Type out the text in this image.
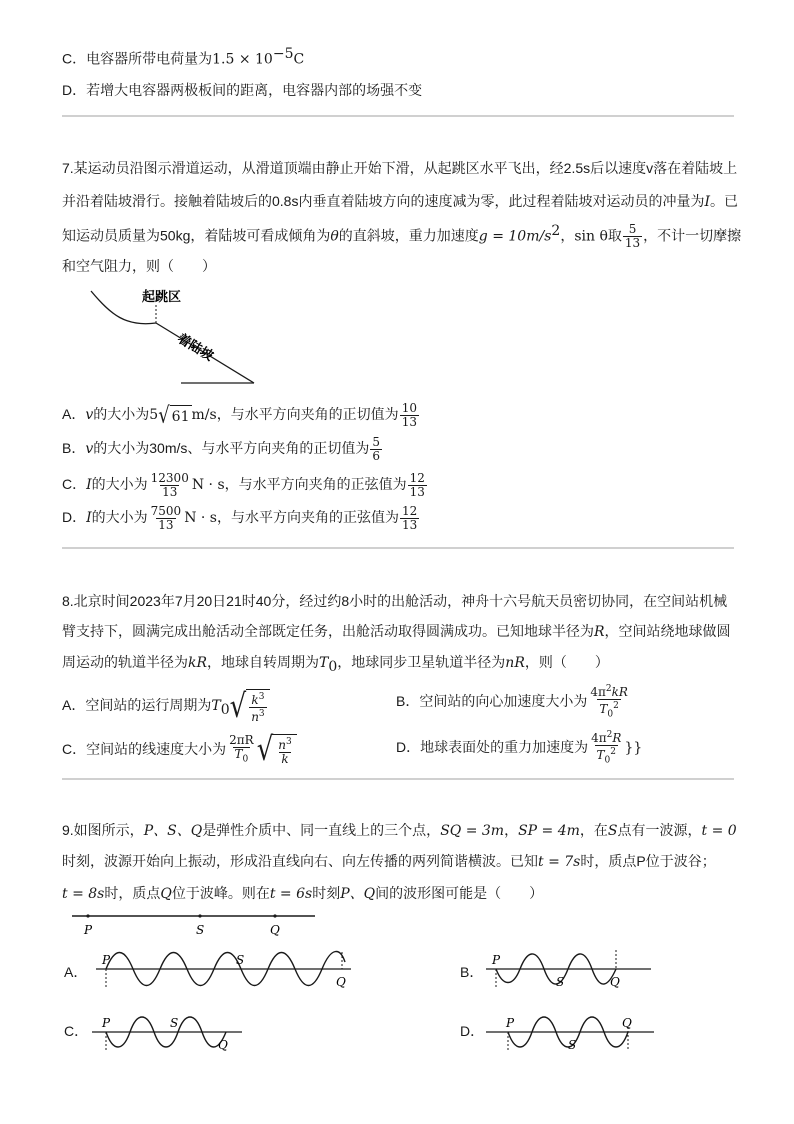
C．电容器所带电荷量为$1.5 \times 10^{-5}C$
D．若增大电容器两极板间的距离，电容器内部的场强不变
7.某运动员沿图示滑道运动，从滑道顶端由静止开始下滑，从起跳区水平飞出，经2.5s后以速度v落在着陆坡上
并沿着陆坡滑行。接触着陆坡后的0.8s内垂直着陆坡方向的速度减为零，此过程着陆坡对运动员的冲量为I。已
知运动员质量为50kg，着陆坡可看成倾角为θ的直斜坡，重力加速度$g = 10m/s^2$，sin θ取 $\frac{5}{13}$ ，不计一切摩擦
和空气阻力，则（　　）
起跳区
着陆坡
A．v的大小为5 √ 61 m/s，与水平方向夹角的正切值为 $\frac{10}{13}$
B．v的大小为30m/s、与水平方向夹角的正切值为 $\frac{5}{6}$
C．I的大小为 $\frac{12300}{13}$ N · s，与水平方向夹角的正弦值为 $\frac{12}{13}$
D．I的大小为 $\frac{7500}{13}$ N · s，与水平方向夹角的正弦值为 $\frac{12}{13}$
8.北京时间2023年7月20日21时40分，经过约8小时的出舱活动，神舟十六号航天员密切协同，在空间站机械
臂支持下，圆满完成出舱活动全部既定任务，出舱活动取得圆满成功。已知地球半径为R，空间站绕地球做圆
周运动的轨道半径为kR，地球自转周期为$T_0$，地球同步卫星轨道半径为nR，则（　　）
A．空间站的运行周期为$T_0$ √ $\frac{k^3}{n^3}$	B．空间站的向心加速度大小为 $\frac{4\pi^2kR}{T_0^2}$
C．空间站的线速度大小为 $\frac{2\pi R}{T_0}$ √ $\frac{n^3}{k}$	D．地球表面处的重力加速度为 $\frac{4\pi^2R}{T_0^2}$ }}
9.如图所示，P、S、Q是弹性介质中、同一直线上的三个点，SQ = 3m，SP = 4m，在S点有一波源，t = 0
时刻，波源开始向上振动，形成沿直线向右、向左传播的两列简谐横波。已知t = 7s时，质点P位于波谷；
t = 8s时，质点Q位于波峰。则在t = 6s时刻P、Q间的波形图可能是（　　）
P	S	Q
A．
P	S
Q
B．
P
S	Q
C． P	S
Q
D． P
S
Q
